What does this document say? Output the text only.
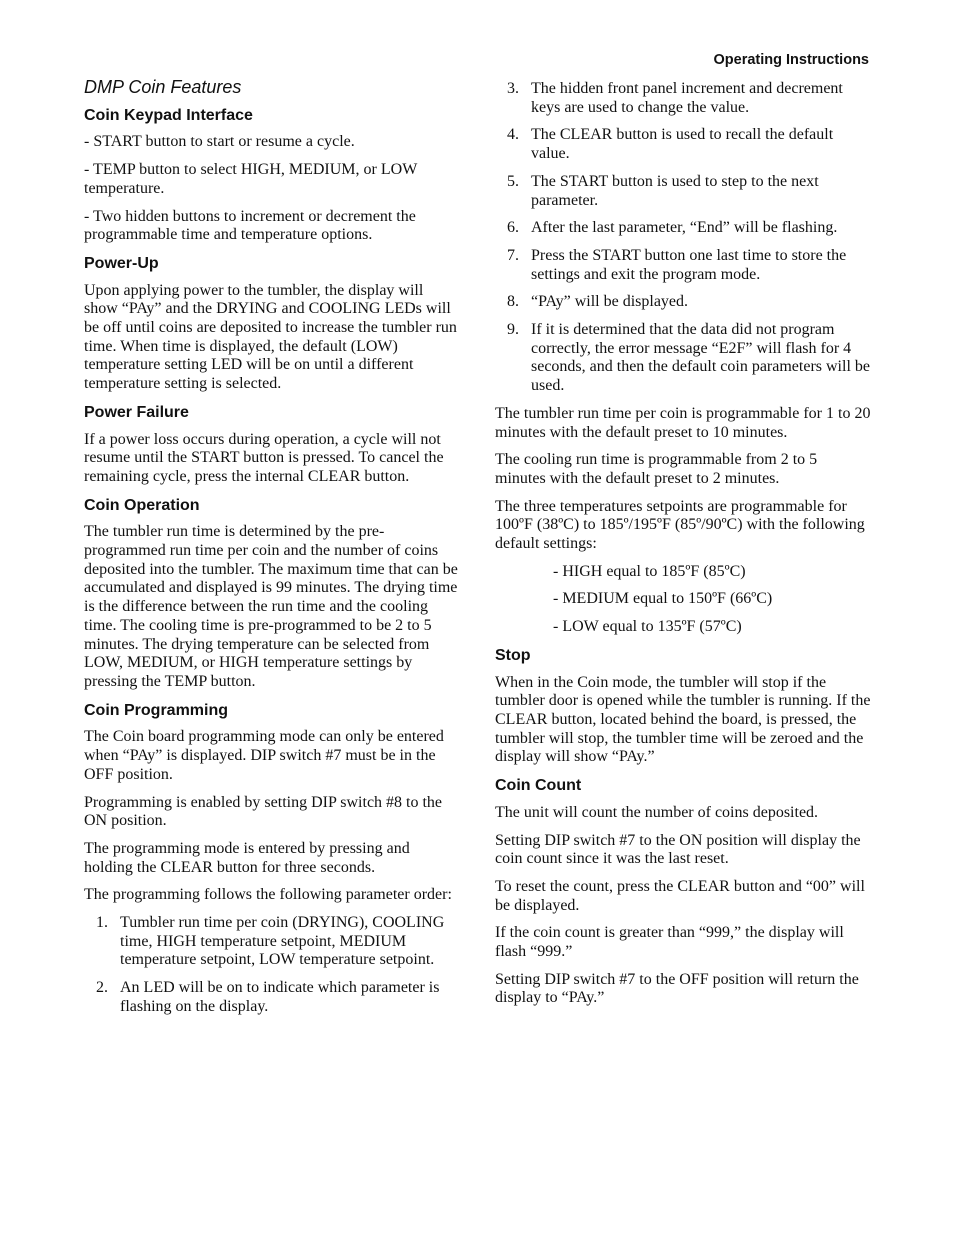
Operating Instructions
DMP Coin Features
Coin Keypad Interface

- START button to start or resume a cycle.

- TEMP button to select HIGH, MEDIUM, or LOW temperature.

- Two hidden buttons to increment or decrement the programmable time and temperature options.

Power-Up

Upon applying power to the tumbler, the display will show “PAy” and the DRYING and COOLING LEDs will be off until coins are deposited to increase the tumbler run time. When time is displayed, the default (LOW) temperature setting LED will be on until a different temperature setting is selected.

Power Failure

If a power loss occurs during operation, a cycle will not resume until the START button is pressed. To cancel the remaining cycle, press the internal CLEAR button.

Coin Operation

The tumbler run time is determined by the pre-programmed run time per coin and the number of coins deposited into the tumbler. The maximum time that can be accumulated and displayed is 99 minutes. The drying time is the difference between the run time and the cooling time. The cooling time is pre-programmed to be 2 to 5 minutes. The drying temperature can be selected from LOW, MEDIUM, or HIGH temperature settings by pressing the TEMP button.

Coin Programming

The Coin board programming mode can only be entered when “PAy” is displayed. DIP switch #7 must be in the OFF position.

Programming is enabled by setting DIP switch #8 to the ON position.

The programming mode is entered by pressing and holding the CLEAR button for three seconds.

The programming follows the following parameter order:

1. Tumbler run time per coin (DRYING), COOLING time, HIGH temperature setpoint, MEDIUM temperature setpoint, LOW temperature setpoint.
2. An LED will be on to indicate which parameter is flashing on the display.
3. The hidden front panel increment and decrement keys are used to change the value.
4. The CLEAR button is used to recall the default value.
5. The START button is used to step to the next parameter.
6. After the last parameter, “End” will be flashing.
7. Press the START button one last time to store the settings and exit the program mode.
8. “PAy” will be displayed.
9. If it is determined that the data did not program correctly, the error message “E2F” will flash for 4 seconds, and then the default coin parameters will be used.

The tumbler run time per coin is programmable for 1 to 20 minutes with the default preset to 10 minutes.

The cooling run time is programmable from 2 to 5 minutes with the default preset to 2 minutes.

The three temperatures setpoints are programmable for 100ºF (38ºC) to 185º/195ºF (85º/90ºC) with the following default settings:

- HIGH equal to 185ºF (85ºC)
- MEDIUM equal to 150ºF (66ºC)
- LOW equal to 135ºF (57ºC)
Stop

When in the Coin mode, the tumbler will stop if the tumbler door is opened while the tumbler is running. If the CLEAR button, located behind the board, is pressed, the tumbler will stop, the tumbler time will be zeroed and the display will show “PAy.”

Coin Count

The unit will count the number of coins deposited.

Setting DIP switch #7 to the ON position will display the coin count since it was the last reset.

To reset the count, press the CLEAR button and “00” will be displayed.

If the coin count is greater than “999,” the display will flash “999.”

Setting DIP switch #7 to the OFF position will return the display to “PAy.”
